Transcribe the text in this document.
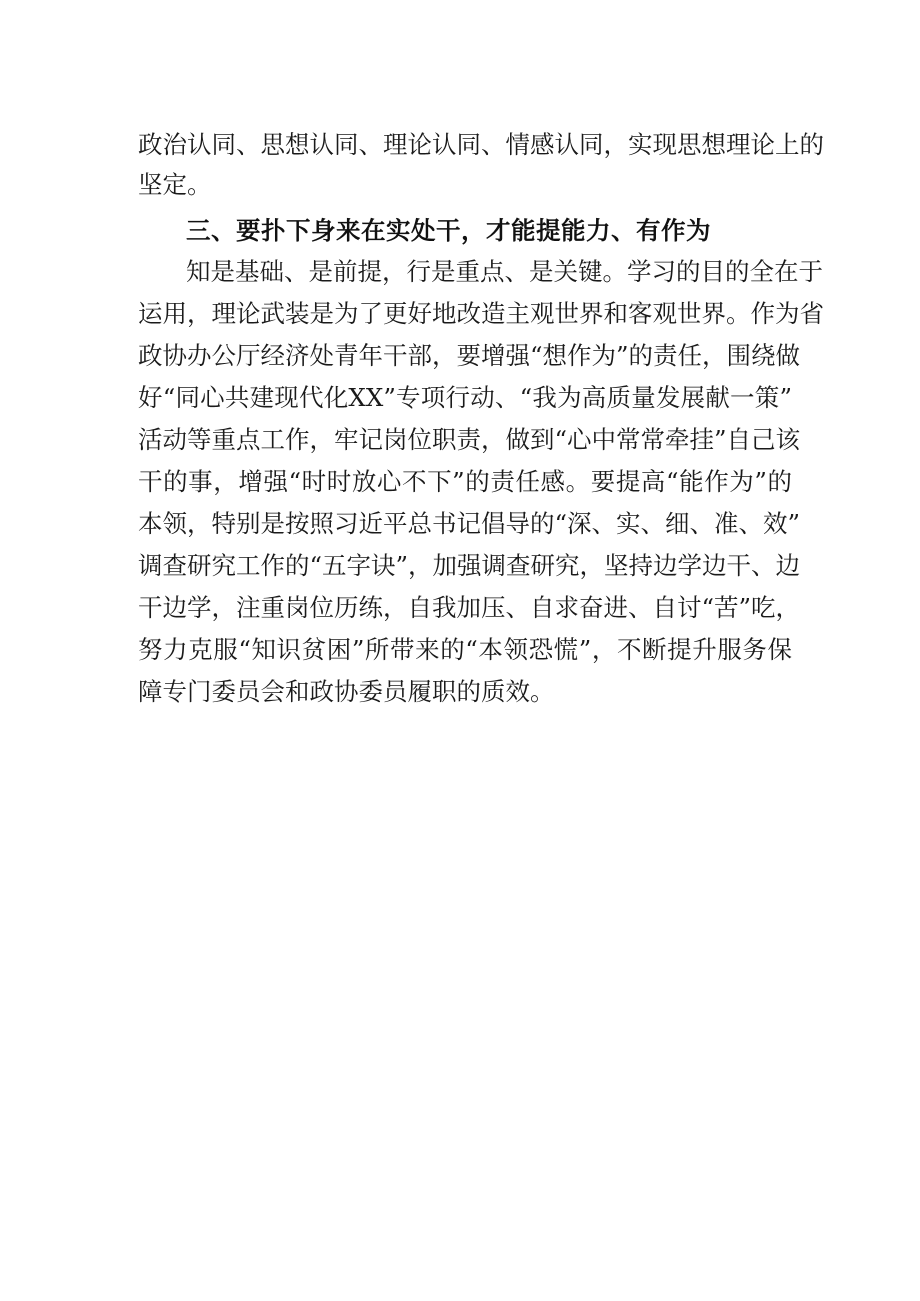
政治认同、思想认同、理论认同、情感认同，实现思想理论上的
坚定。
三、要扑下身来在实处干，才能提能力、有作为
知是基础、是前提，行是重点、是关键。学习的目的全在于
运用，理论武装是为了更好地改造主观世界和客观世界。作为省
政协办公厅经济处青年干部，要增强“想作为”的责任，围绕做
好“同心共建现代化XX”专项行动、“我为高质量发展献一策”
活动等重点工作，牢记岗位职责，做到“心中常常牵挂”自己该
干的事，增强“时时放心不下”的责任感。要提高“能作为”的
本领，特别是按照习近平总书记倡导的“深、实、细、准、效”
调查研究工作的“五字诀”，加强调查研究，坚持边学边干、边
干边学，注重岗位历练，自我加压、自求奋进、自讨“苦”吃，
努力克服“知识贫困”所带来的“本领恐慌”，不断提升服务保
障专门委员会和政协委员履职的质效。
